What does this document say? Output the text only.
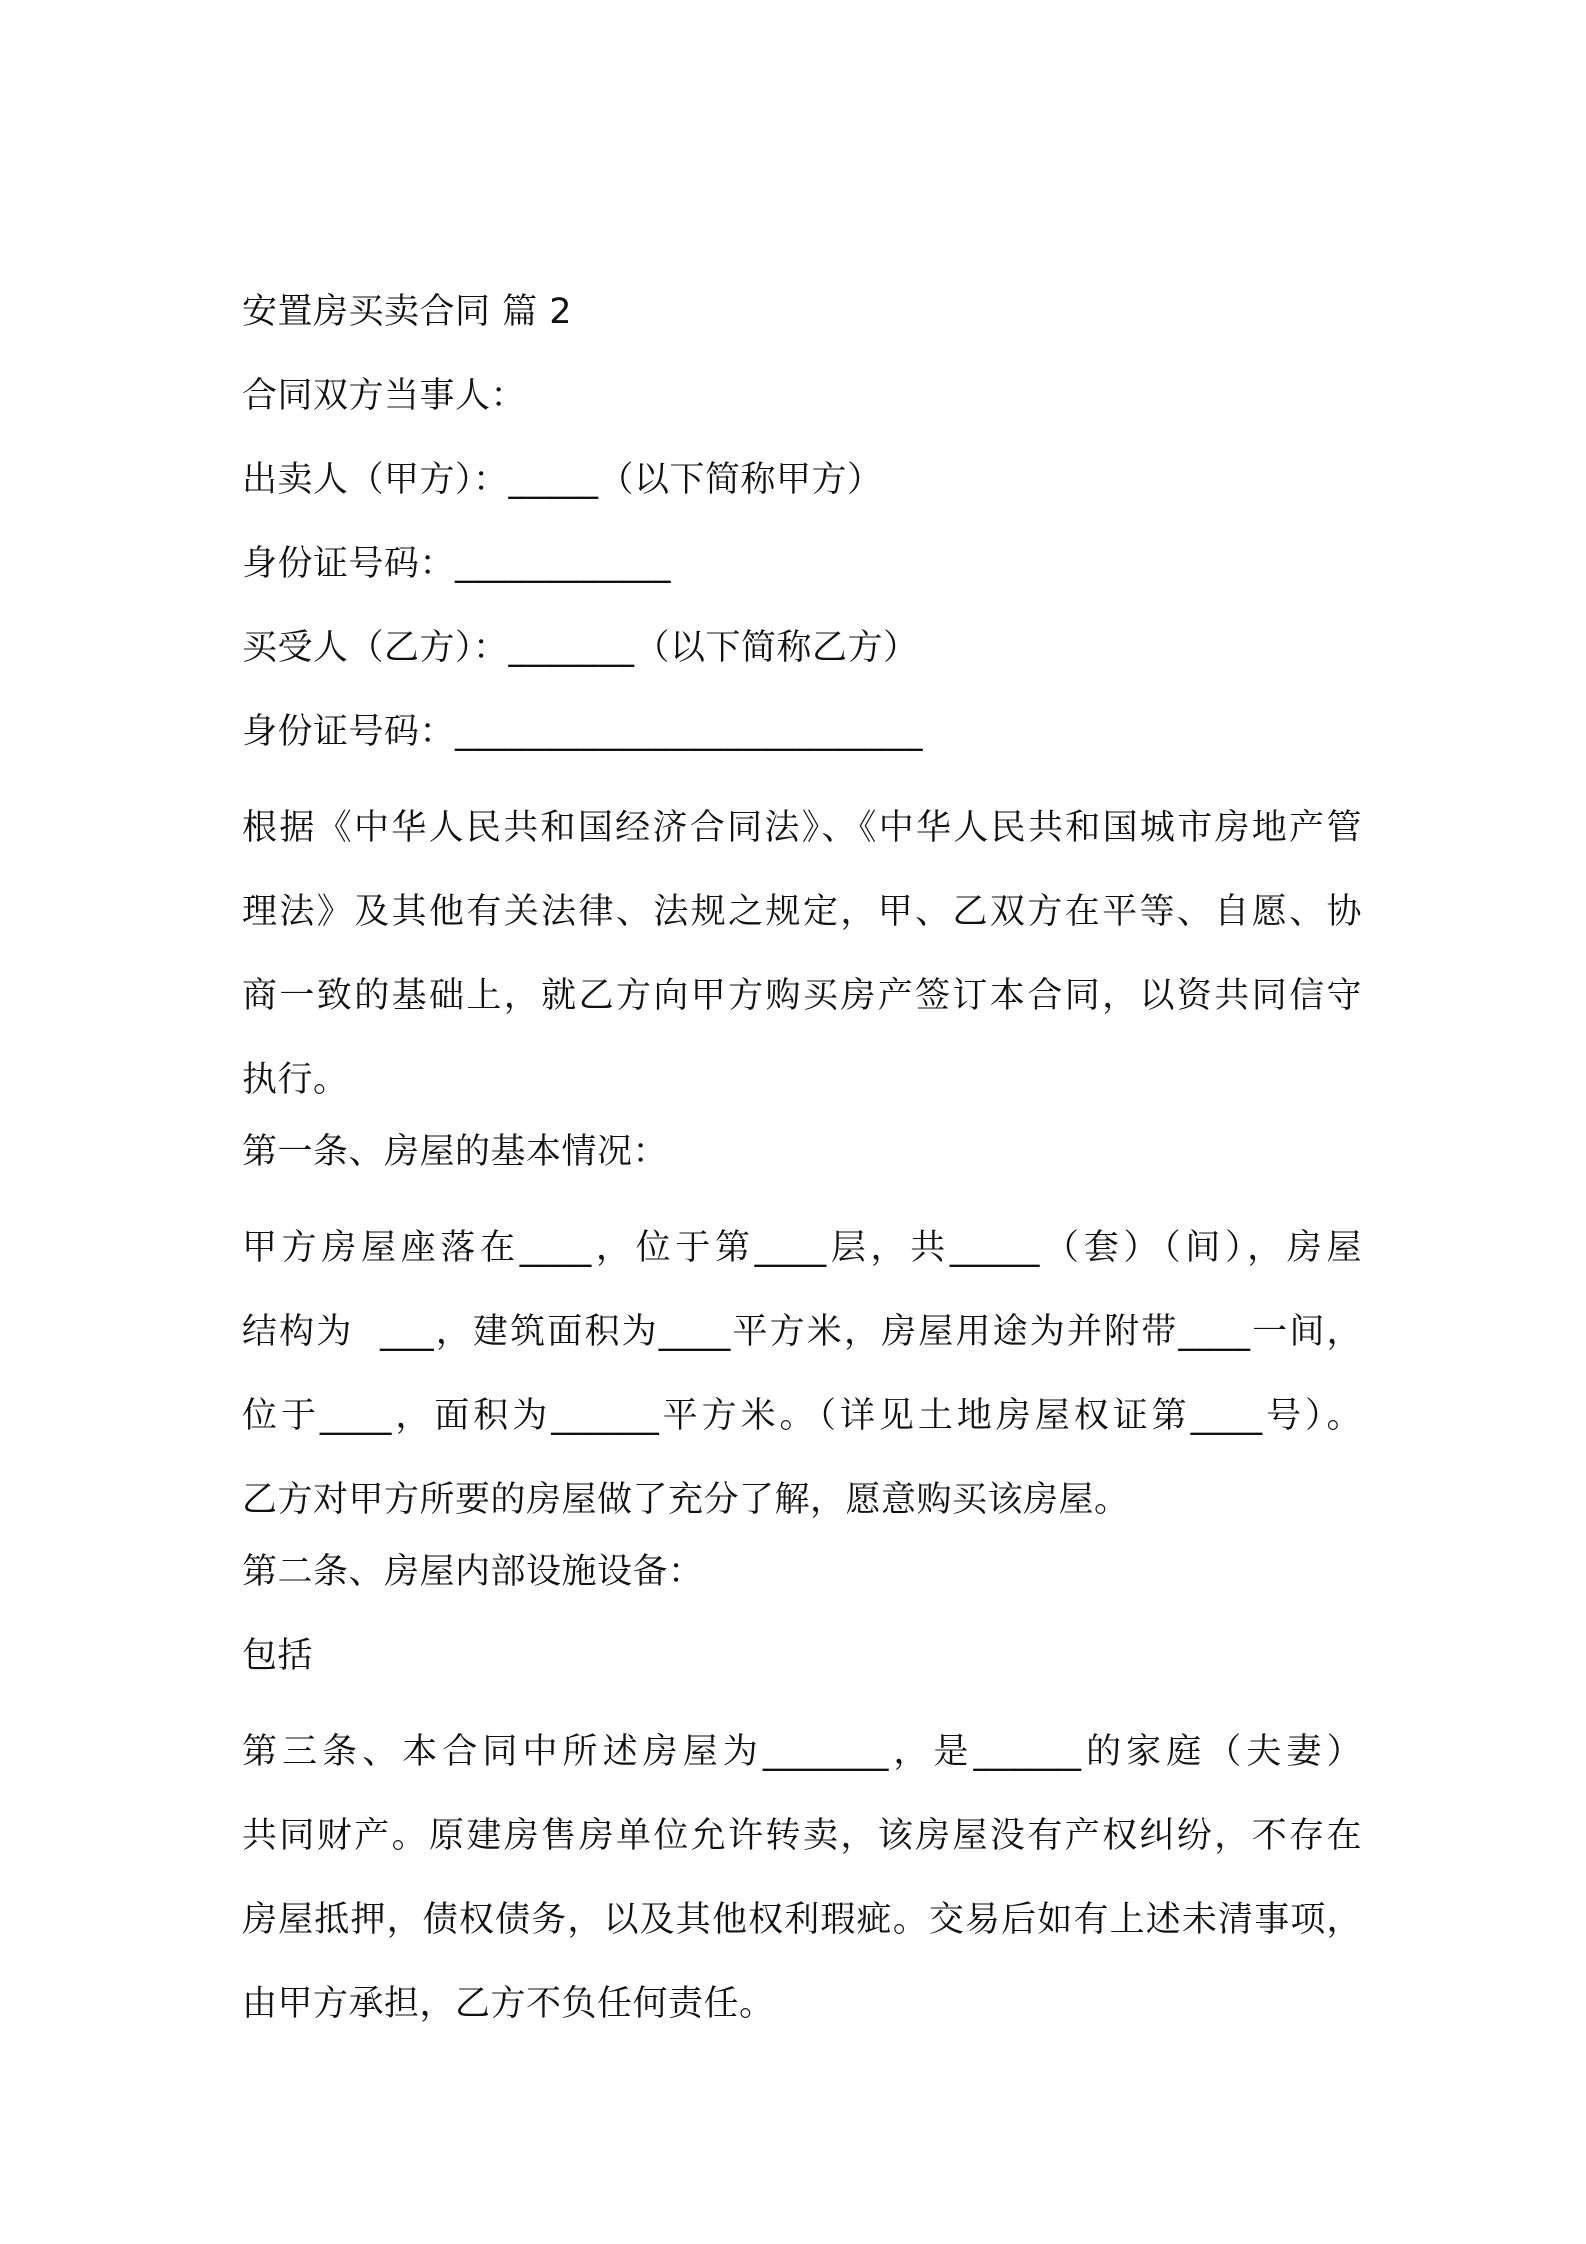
安置房买卖合同 篇 2
合同双方当事人：
出卖人（甲方）：_____（以下简称甲方）
身份证号码：____________
买受人（乙方）：_______（以下简称乙方）
身份证号码：__________________________
根据《中华人民共和国经济合同法》、《中华人民共和国城市房地产管
理法》及其他有关法律、法规之规定，甲、乙双方在平等、自愿、协
商一致的基础上，就乙方向甲方购买房产签订本合同，以资共同信守
执行。
第一条、房屋的基本情况：
甲方房屋座落在____，位于第____层，共_____（套）（间），房屋
结构为  ___，建筑面积为____平方米，房屋用途为并附带____一间，
位于____，面积为______平方米。（详见土地房屋权证第____号）。
乙方对甲方所要的房屋做了充分了解，愿意购买该房屋。
第二条、房屋内部设施设备：
包括
第三条、本合同中所述房屋为_______，是______的家庭（夫妻）
共同财产。原建房售房单位允许转卖，该房屋没有产权纠纷，不存在
房屋抵押，债权债务，以及其他权利瑕疵。交易后如有上述未清事项，
由甲方承担，乙方不负任何责任。
